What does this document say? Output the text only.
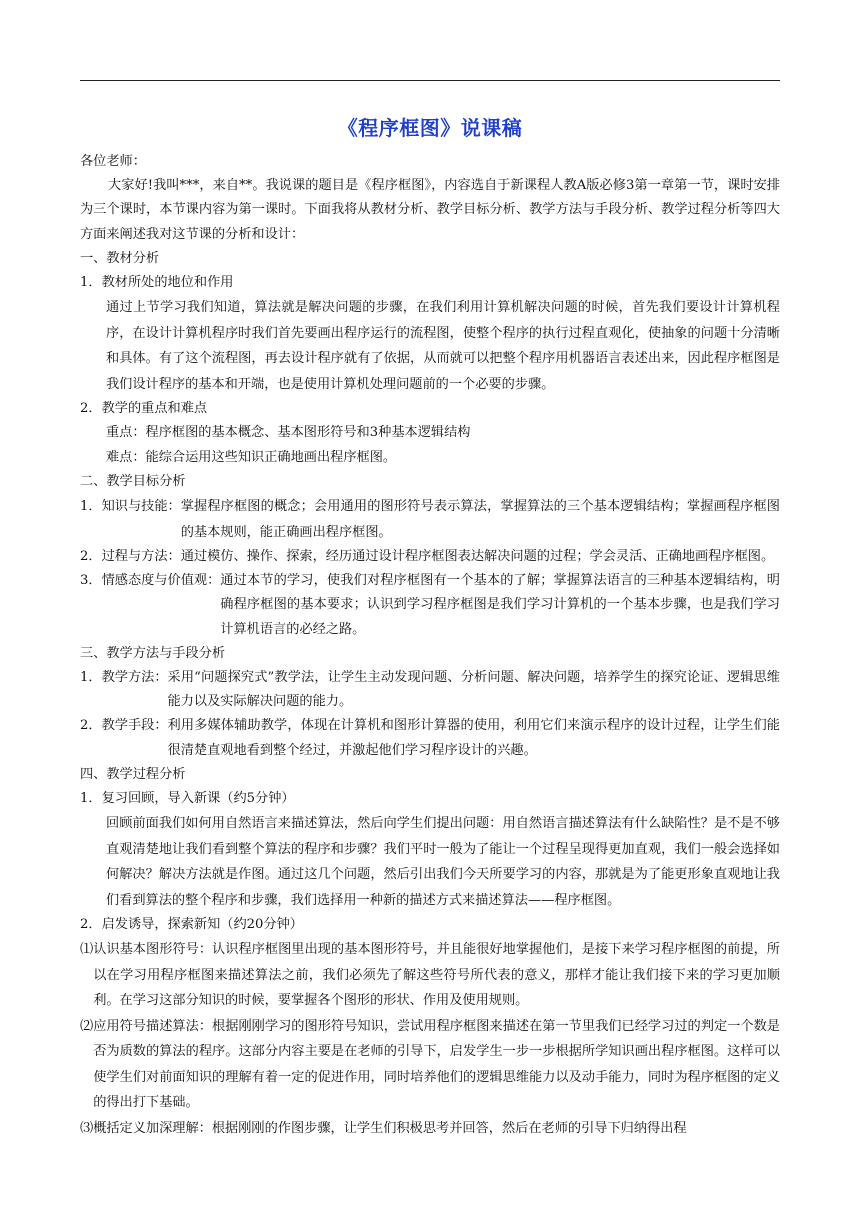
《程序框图》说课稿

各位老师：

大家好!我叫***，来自**。我说课的题目是《程序框图》，内容选自于新课程人教A版必修3第一章第一节，课时安排为三个课时，本节课内容为第一课时。下面我将从教材分析、教学目标分析、教学方法与手段分析、教学过程分析等四大方面来阐述我对这节课的分析和设计：

一、教材分析

1．教材所处的地位和作用

通过上节学习我们知道，算法就是解决问题的步骤，在我们利用计算机解决问题的时候，首先我们要设计计算机程序，在设计计算机程序时我们首先要画出程序运行的流程图，使整个程序的执行过程直观化，使抽象的问题十分清晰和具体。有了这个流程图，再去设计程序就有了依据，从而就可以把整个程序用机器语言表述出来，因此程序框图是我们设计程序的基本和开端，也是使用计算机处理问题前的一个必要的步骤。

2．教学的重点和难点

重点：程序框图的基本概念、基本图形符号和3种基本逻辑结构

难点：能综合运用这些知识正确地画出程序框图。

二、教学目标分析

1．知识与技能： 掌握程序框图的概念；会用通用的图形符号表示算法，掌握算法的三个基本逻辑结构；掌握画程序框图的基本规则，能正确画出程序框图。
2．过程与方法： 通过模仿、操作、探索，经历通过设计程序框图表达解决问题的过程；学会灵活、正确地画程序框图。
3．情感态度与价值观： 通过本节的学习，使我们对程序框图有一个基本的了解；掌握算法语言的三种基本逻辑结构，明确程序框图的基本要求；认识到学习程序框图是我们学习计算机的一个基本步骤，也是我们学习计算机语言的必经之路。

三、教学方法与手段分析

1．教学方法： 采用“问题探究式”教学法，让学生主动发现问题、分析问题、解决问题，培养学生的探究论证、逻辑思维能力以及实际解决问题的能力。
2．教学手段： 利用多媒体辅助教学，体现在计算机和图形计算器的使用，利用它们来演示程序的设计过程，让学生们能很清楚直观地看到整个经过，并激起他们学习程序设计的兴趣。

四、教学过程分析

1．复习回顾，导入新课（约5分钟）

回顾前面我们如何用自然语言来描述算法，然后向学生们提出问题：用自然语言描述算法有什么缺陷性？是不是不够直观清楚地让我们看到整个算法的程序和步骤？我们平时一般为了能让一个过程呈现得更加直观，我们一般会选择如何解决？解决方法就是作图。通过这几个问题，然后引出我们今天所要学习的内容，那就是为了能更形象直观地让我们看到算法的整个程序和步骤，我们选择用一种新的描述方式来描述算法——程序框图。

2．启发诱导，探索新知（约20分钟）

⑴ 认识基本图形符号：认识程序框图里出现的基本图形符号，并且能很好地掌握他们，是接下来学习程序框图的前提，所以在学习用程序框图来描述算法之前，我们必须先了解这些符号所代表的意义，那样才能让我们接下来的学习更加顺利。在学习这部分知识的时候，要掌握各个图形的形状、作用及使用规则。
⑵ 应用符号描述算法：根据刚刚学习的图形符号知识，尝试用程序框图来描述在第一节里我们已经学习过的判定一个数是否为质数的算法的程序。这部分内容主要是在老师的引导下，启发学生一步一步根据所学知识画出程序框图。这样可以使学生们对前面知识的理解有着一定的促进作用，同时培养他们的逻辑思维能力以及动手能力，同时为程序框图的定义的得出打下基础。
⑶ 概括定义加深理解：根据刚刚的作图步骤，让学生们积极思考并回答，然后在老师的引导下归纳得出程
